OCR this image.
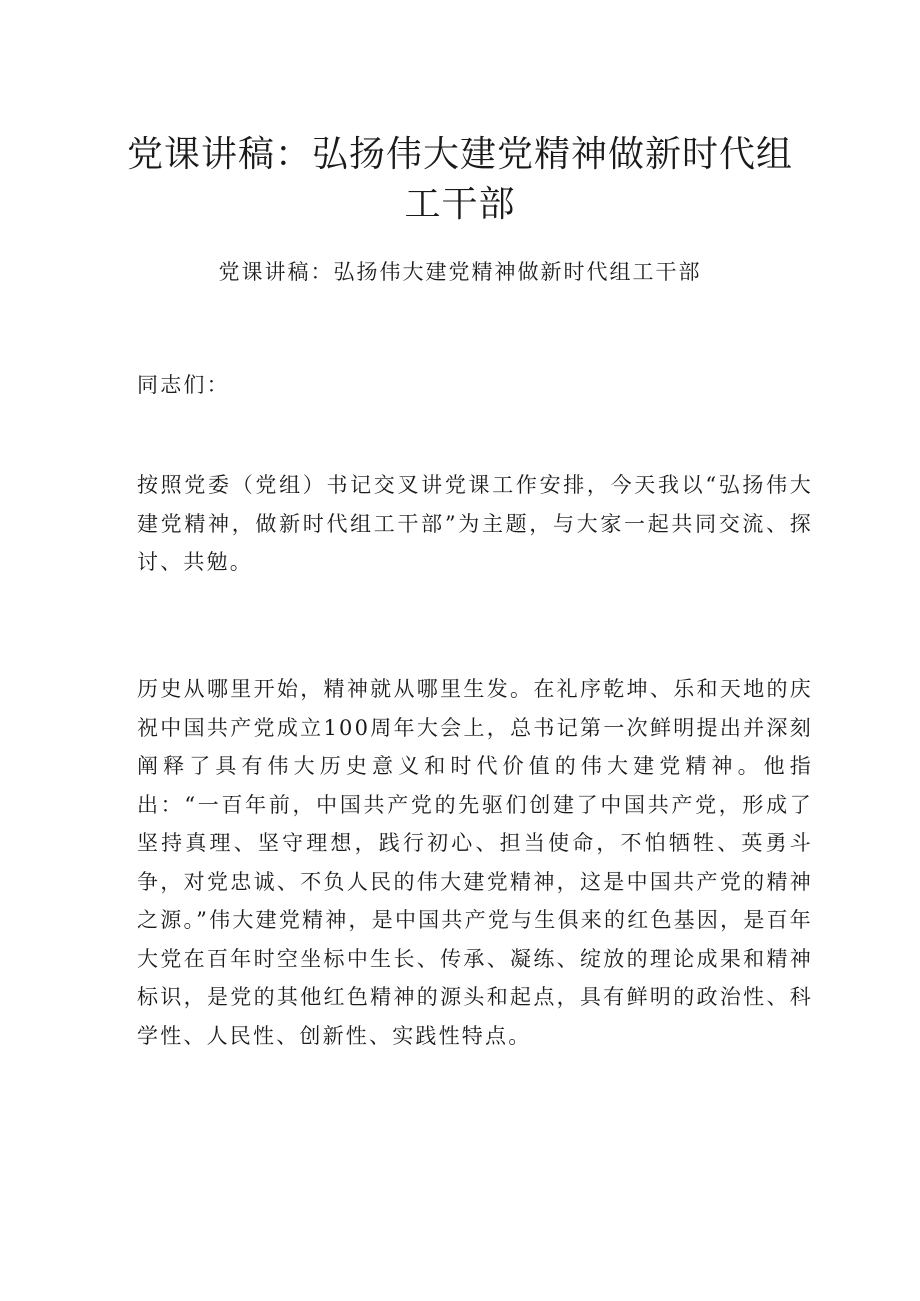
党课讲稿：弘扬伟大建党精神做新时代组工干部

党课讲稿：弘扬伟大建党精神做新时代组工干部

同志们：

按照党委（党组）书记交叉讲党课工作安排，今天我以“弘扬伟大建党精神，做新时代组工干部”为主题，与大家一起共同交流、探讨、共勉。

历史从哪里开始，精神就从哪里生发。在礼序乾坤、乐和天地的庆祝中国共产党成立100周年大会上，总书记第一次鲜明提出并深刻阐释了具有伟大历史意义和时代价值的伟大建党精神。他指出：“一百年前，中国共产党的先驱们创建了中国共产党，形成了坚持真理、坚守理想，践行初心、担当使命，不怕牺牲、英勇斗争，对党忠诚、不负人民的伟大建党精神，这是中国共产党的精神之源。”伟大建党精神，是中国共产党与生俱来的红色基因，是百年大党在百年时空坐标中生长、传承、凝练、绽放的理论成果和精神标识，是党的其他红色精神的源头和起点，具有鲜明的政治性、科学性、人民性、创新性、实践性特点。
